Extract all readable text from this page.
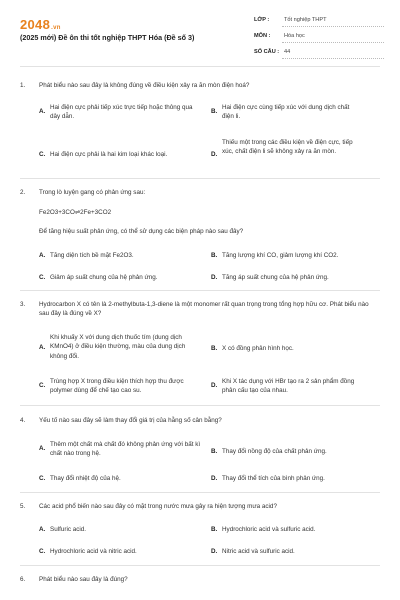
2048.vn
(2025 mới) Đề ôn thi tốt nghiệp THPT Hóa (Đề số 3)
LỚP :	Tốt nghiệp THPT
MÔN : Hóa học
SỐ CÂU : 44
1. Phát biểu nào sau đây là không đúng về điều kiện xảy ra ăn mòn điện hoá?
A.
Hai điện cực phải tiếp xúc trực tiếp hoặc thông qua dây dẫn.
B.
Hai điện cực cùng tiếp xúc với dung dịch chất điện li.
C. Hai điện cực phải là hai kim loại khác loại.	D.
Thiếu một trong các điều kiện về điện cực, tiếp xúc, chất điện li sẽ không xảy ra ăn mòn.
2. Trong lò luyện gang có phản ứng sau:
Fe2O3+3CO⇌2Fe+3CO2
Để tăng hiệu suất phản ứng, có thể sử dụng các biện pháp nào sau đây?
A. Tăng diện tích bề mặt Fe2O3.	B. Tăng lượng khí CO, giảm lượng khí CO2.
C. Giảm áp suất chung của hệ phản ứng.	D. Tăng áp suất chung của hệ phản ứng.
3. Hydrocarbon X có tên là 2-methylbuta-1,3-diene là một monomer rất quan trọng trong tổng hợp hữu cơ. Phát biểu nào sau đây là đúng về X?
A.
Khi khuấy X với dung dịch thuốc tím (dung dịch KMnO4) ở điều kiện thường, màu của dung dịch không đổi.
B. X có đồng phân hình học.
C.
Trùng hợp X trong điều kiện thích hợp thu được polymer dùng để chế tạo cao su.
D.
Khi X tác dụng với HBr tạo ra 2 sản phẩm đồng phân cấu tạo của nhau.
4. Yếu tố nào sau đây sẽ làm thay đổi giá trị của hằng số cân bằng?
A.
Thêm một chất mà chất đó không phản ứng với bất kì chất nào trong hệ.	B. Thay đổi nồng độ của chất phản ứng.
C. Thay đổi nhiệt độ của hệ.	D. Thay đổi thể tích của bình phản ứng.
5. Các acid phổ biến nào sau đây có mặt trong nước mưa gây ra hiện tượng mưa acid?
A. Sulfuric acid.	B. Hydrochloric acid và sulfuric acid.
C. Hydrochloric acid và nitric acid.	D. Nitric acid và sulfuric acid.
6. Phát biểu nào sau đây là đúng?
